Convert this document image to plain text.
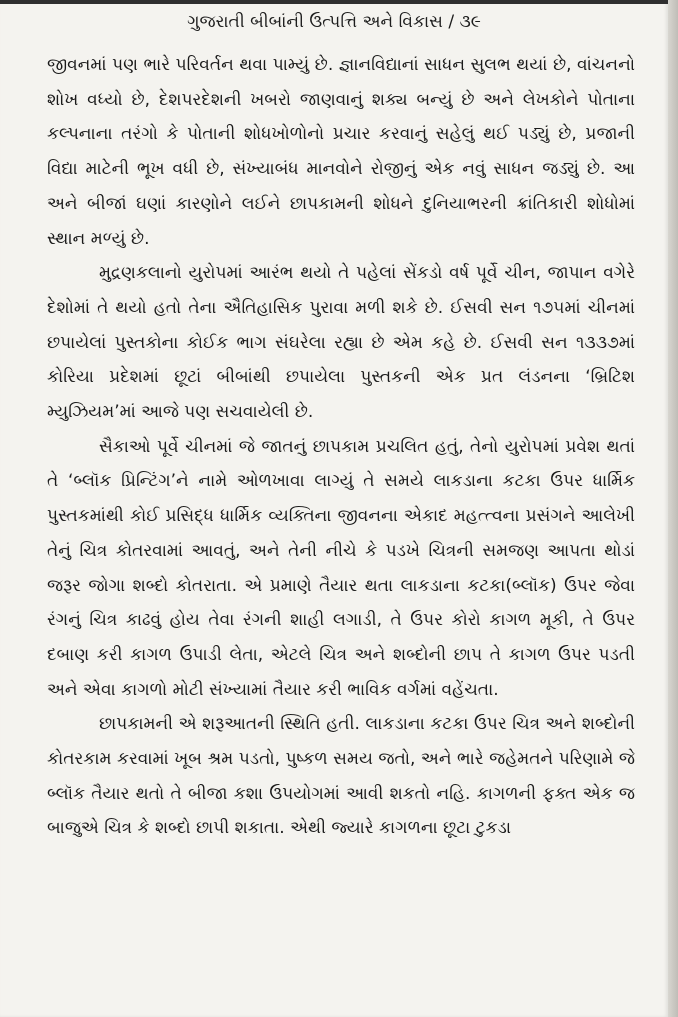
ગુજરાતી બીબાંની ઉત્પત્તિ અને વિકાસ / ૩૯

જીવનમાં પણ ભારે પરિવર્તન થવા પામ્યું છે. જ્ઞાનવિદ્યાનાં સાધન સુલભ થયાં છે, વાંચનનો શોખ વધ્યો છે, દેશપરદેશની ખબરો જાણવાનું શક્ય બન્યું છે અને લેખકોને પોતાના કલ્પનાના તરંગો કે પોતાની શોધખોળોનો પ્રચાર કરવાનું સહેલું થઈ પડ્યું છે, પ્રજાની વિદ્યા માટેની ભૂખ વધી છે, સંખ્યાબંધ માનવોને રોજીનું એક નવું સાધન જડ્યું છે. આ અને બીજાં ઘણાં કારણોને લઈને છાપકામની શોધને દુનિયાભરની ક્રાંતિકારી શોધોમાં સ્થાન મળ્યું છે.

મુદ્રણકલાનો યુરોપમાં આરંભ થયો તે પહેલાં સેંકડો વર્ષ પૂર્વે ચીન, જાપાન વગેરે દેશોમાં તે થયો હતો તેના ઐતિહાસિક પુરાવા મળી શકે છે. ઈસવી સન ૧૭૫માં ચીનમાં છપાયેલાં પુસ્તકોના કોઈક ભાગ સંઘરેલા રહ્યા છે એમ કહે છે. ઈસવી સન ૧૩૩૭માં કોરિયા પ્રદેશમાં છૂટાં બીબાંથી છપાયેલા પુસ્તકની એક પ્રત લંડનના ‘બ્રિટિશ મ્યુઝિયમ’માં આજે પણ સચવાયેલી છે.

સૈકાઓ પૂર્વે ચીનમાં જે જાતનું છાપકામ પ્રચલિત હતું, તેનો યુરોપમાં પ્રવેશ થતાં તે ‘બ્લૉક પ્રિન્ટિંગ’ને નામે ઓળખાવા લાગ્યું તે સમયે લાકડાના કટકા ઉપર ધાર્મિક પુસ્તકમાંથી કોઈ પ્રસિદ્ધ ધાર્મિક વ્યક્તિના જીવનના એકાદ મહત્ત્વના પ્રસંગને આલેખી તેનું ચિત્ર કોતરવામાં આવતું, અને તેની નીચે કે પડખે ચિત્રની સમજણ આપતા થોડાં જરૂર જોગા શબ્દો કોતરાતા. એ પ્રમાણે તૈયાર થતા લાકડાના કટકા(બ્લૉક) ઉપર જેવા રંગનું ચિત્ર કાઢવું હોય તેવા રંગની શાહી લગાડી, તે ઉપર કોરો કાગળ મૂકી, તે ઉપર દબાણ કરી કાગળ ઉપાડી લેતા, એટલે ચિત્ર અને શબ્દોની છાપ તે કાગળ ઉપર પડતી અને એવા કાગળો મોટી સંખ્યામાં તૈયાર કરી ભાવિક વર્ગમાં વહેંચતા.

છાપકામની એ શરૂઆતની સ્થિતિ હતી. લાકડાના કટકા ઉપર ચિત્ર અને શબ્દોની કોતરકામ કરવામાં ખૂબ શ્રમ પડતો, પુષ્કળ સમય જતો, અને ભારે જહેમતને પરિણામે જે બ્લૉક તૈયાર થતો તે બીજા કશા ઉપયોગમાં આવી શકતો નહિ. કાગળની ફક્ત એક જ બાજુએ ચિત્ર કે શબ્દો છાપી શકાતા. એથી જ્યારે કાગળના છૂટા ટુકડા
